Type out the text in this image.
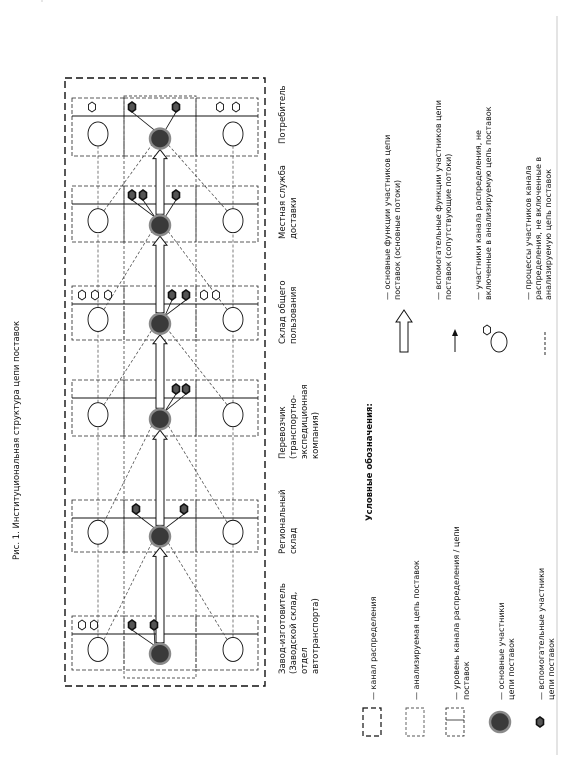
Рис. 1. Институциональная структура цепи поставок
Завод-изготовитель (Заводской склад, отдел автотранспорта)
Региональный склад
Перевозчик (транспортно- экспедиционная компания)
Склад общего пользования
Местная служба доставки
Потребитель
Условные обозначения:
— канал распределения	— анализируемая цепь поставок	— уровень канала распределения / цепи поставок	— основные участники цепи поставок	— вспомогательные участники цепи поставок
— основные функции участников цепи поставок (основные потоки)	— вспомогательные функции участников цепи поставок (сопутствующие потоки)	— участники канала распределения, не включенные в анализируемую цепь поставок	— процессы участников канала распределения, не включенные в анализируемую цепь поставок
